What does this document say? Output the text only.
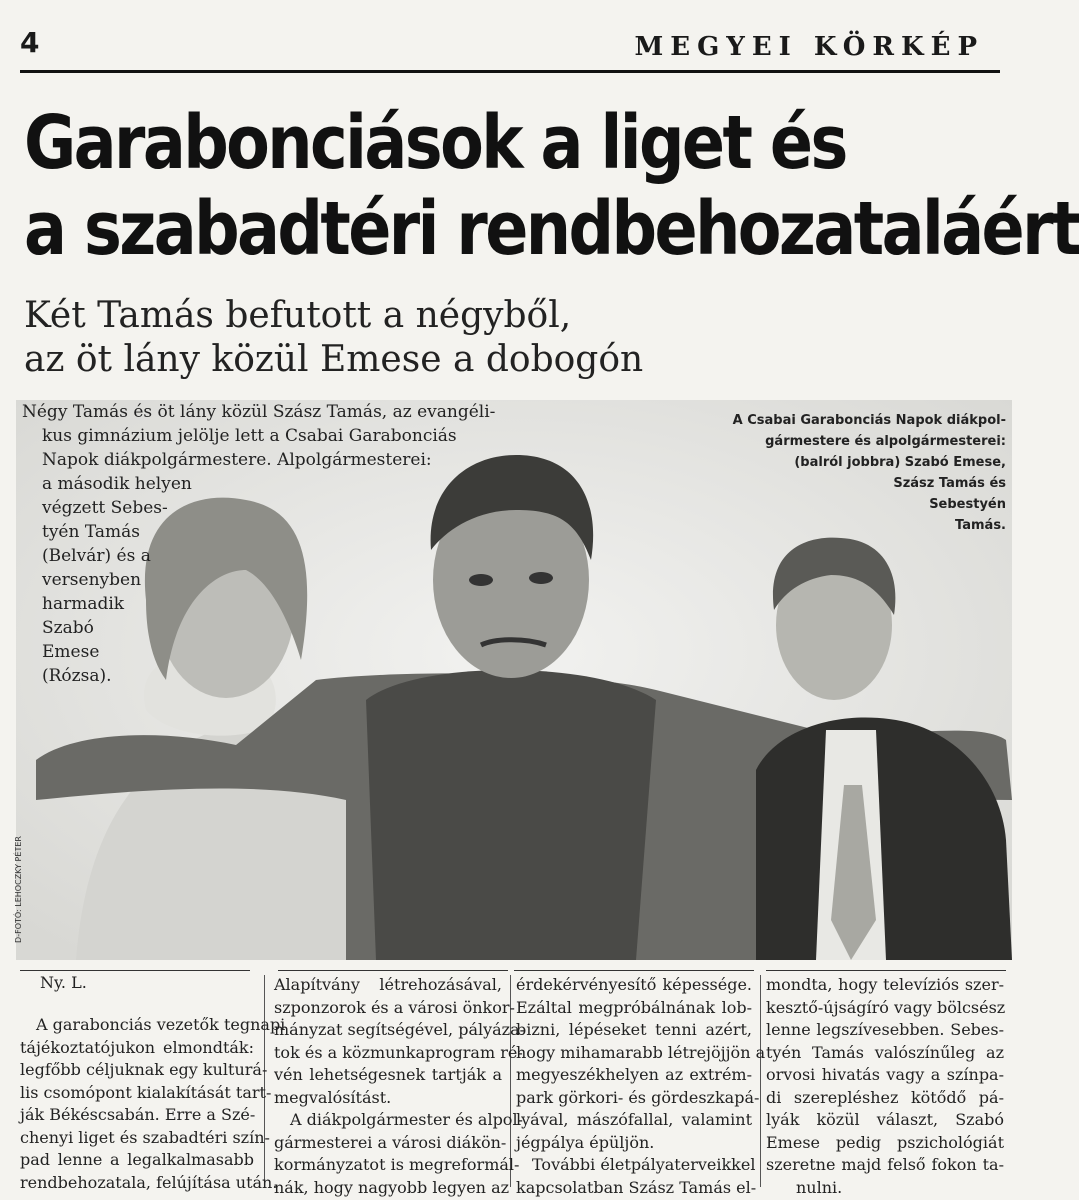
4	MEGYEI KÖRKÉP
Garabonciások a liget és
a szabadtéri rendbehozataláért
Két Tamás befutott a négyből,
az öt lány közül Emese a dobogón
Négy Tamás és öt lány közül Szász Tamás, az evangéli-
kus gimnázium jelölje lett a Csabai Garabonciás
Napok diákpolgármestere. Alpolgármesterei:
a második helyen
végzett Sebes-
tyén Tamás
(Belvár) és a
versenyben
harmadik
Szabó
Emese
(Rózsa).
A Csabai Garabonciás Napok diákpol-
gármestere és alpolgármesterei:
(balról jobbra) Szabó Emese,
Szász Tamás és
Sebestyén
Tamás.
D-FOTÓ: LEHOCZKY PÉTER
Ny. L.
A garabonciás vezetők tegnapi
tájékoztatójukon elmondták:
legfőbb céljuknak egy kulturá-
lis csomópont kialakítását tart-
ják Békéscsabán. Erre a Szé-
chenyi liget és szabadtéri szín-
pad lenne a legalkalmasabb
rendbehozatala, felújítása után.
Alapítvány létrehozásával,
szponzorok és a városi önkor-
mányzat segítségével, pályáza-
tok és a közmunkaprogram ré-
vén lehetségesnek tartják a
megvalósítást.
A diákpolgármester és alpol-
gármesterei a városi diákön-
kormányzatot is megreformál-
nák, hogy nagyobb legyen az
érdekérvényesítő képessége.
Ezáltal megpróbálnának lob-
bizni, lépéseket tenni azért,
hogy mihamarabb létrejöjjön a
megyeszékhelyen az extrém-
park görkori- és gördeszkapá-
lyával, mászófallal, valamint
jégpálya épüljön.
További életpályaterveikkel
kapcsolatban Szász Tamás el-
mondta, hogy televíziós szer-
kesztő-újságíró vagy bölcsész
lenne legszívesebben. Sebes-
tyén Tamás valószínűleg az
orvosi hivatás vagy a színpa-
di szerepléshez kötődő pá-
lyák közül választ, Szabó
Emese pedig pszichológiát
szeretne majd felső fokon ta-
nulni.
